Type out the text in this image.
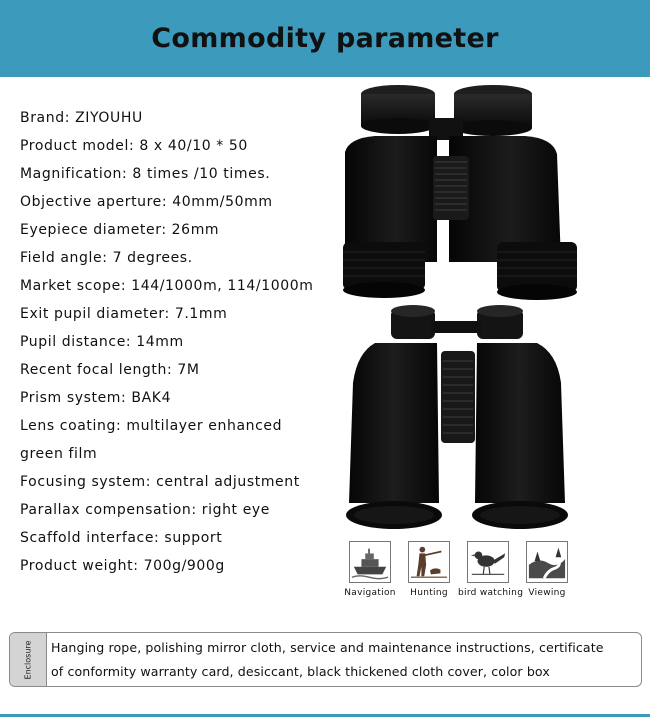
Commodity parameter
Brand: ZIYOUHU
Product model: 8 x 40/10 * 50
Magnification: 8 times /10 times.
Objective aperture: 40mm/50mm
Eyepiece diameter: 26mm
Field angle: 7 degrees.
Market scope: 144/1000m, 114/1000m
Exit pupil diameter: 7.1mm
Pupil distance: 14mm
Recent focal length: 7M
Prism system: BAK4
Lens coating: multilayer enhanced
green film
Focusing system: central adjustment
Parallax compensation: right eye
Scaffold interface: support
Product weight: 700g/900g
Navigation	Hunting	bird watching Viewing
Enclosure Hanging rope, polishing mirror cloth, service and maintenance instructions, certificate
of conformity warranty card, desiccant, black thickened cloth cover, color box
